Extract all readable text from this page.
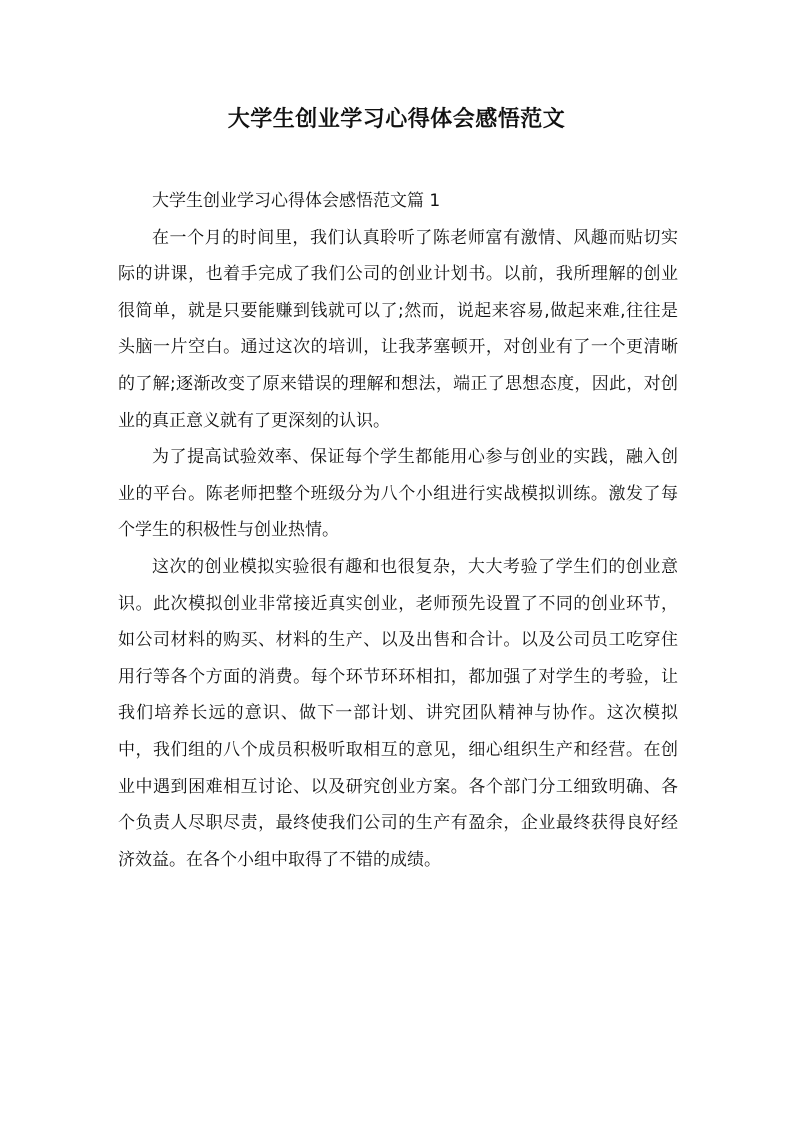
大学生创业学习心得体会感悟范文

大学生创业学习心得体会感悟范文篇 1

在一个月的时间里，我们认真聆听了陈老师富有激情、风趣而贴切实际的讲课，也着手完成了我们公司的创业计划书。以前，我所理解的创业很简单，就是只要能赚到钱就可以了;然而，说起来容易,做起来难,往往是头脑一片空白。通过这次的培训，让我茅塞顿开，对创业有了一个更清晰的了解;逐渐改变了原来错误的理解和想法，端正了思想态度，因此，对创业的真正意义就有了更深刻的认识。

为了提高试验效率、保证每个学生都能用心参与创业的实践，融入创业的平台。陈老师把整个班级分为八个小组进行实战模拟训练。激发了每个学生的积极性与创业热情。

这次的创业模拟实验很有趣和也很复杂，大大考验了学生们的创业意识。此次模拟创业非常接近真实创业，老师预先设置了不同的创业环节，如公司材料的购买、材料的生产、以及出售和合计。以及公司员工吃穿住用行等各个方面的消费。每个环节环环相扣，都加强了对学生的考验，让我们培养长远的意识、做下一部计划、讲究团队精神与协作。这次模拟中，我们组的八个成员积极听取相互的意见，细心组织生产和经营。在创业中遇到困难相互讨论、以及研究创业方案。各个部门分工细致明确、各个负责人尽职尽责，最终使我们公司的生产有盈余，企业最终获得良好经济效益。在各个小组中取得了不错的成绩。
